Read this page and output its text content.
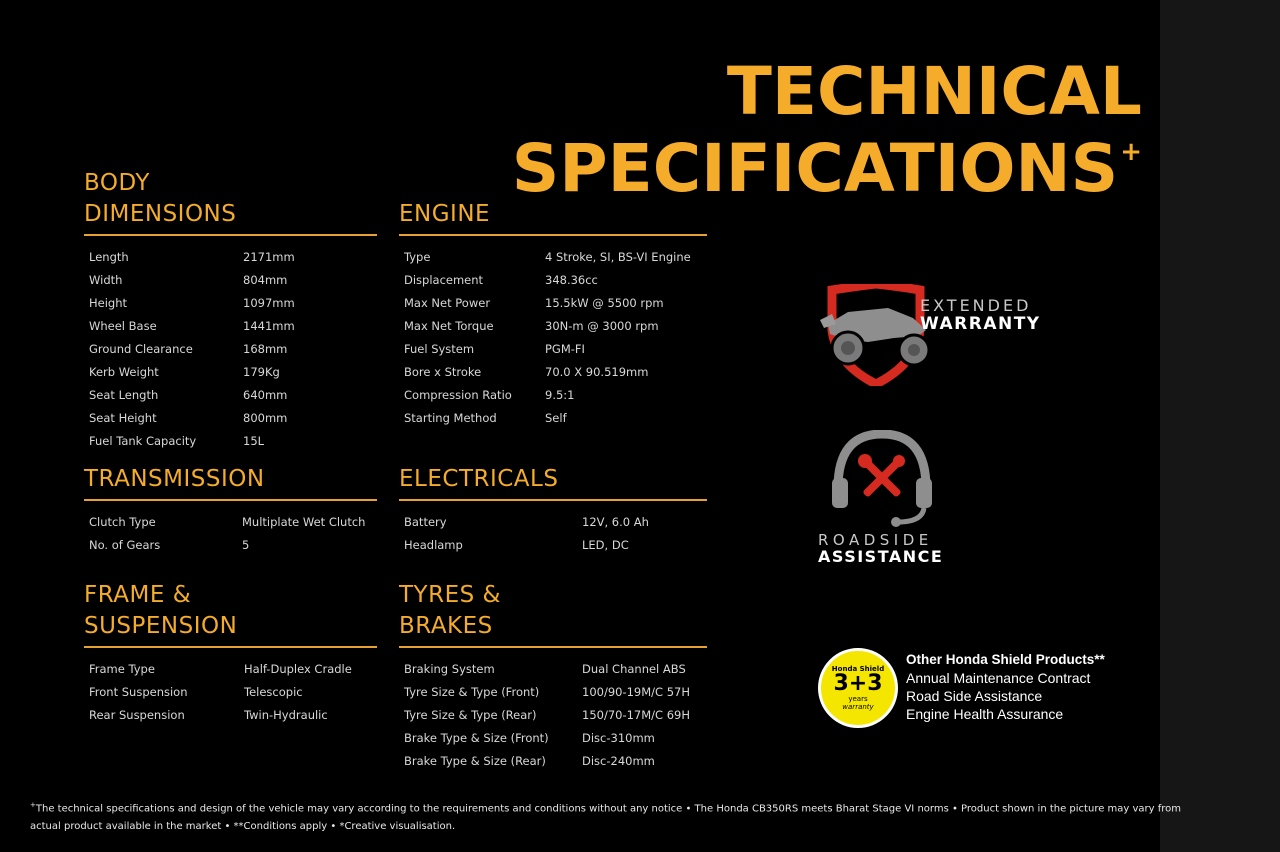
TECHNICAL
SPECIFICATIONS+
BODY
DIMENSIONS
Length	2171mm
Width	804mm
Height	1097mm
Wheel Base	1441mm
Ground Clearance	168mm
Kerb Weight	179Kg
Seat Length	640mm
Seat Height	800mm
Fuel Tank Capacity	15L
ENGINE
Type	4 Stroke, SI, BS-VI Engine
Displacement	348.36cc
Max Net Power	15.5kW @ 5500 rpm
Max Net Torque	30N-m @ 3000 rpm
Fuel System	PGM-FI
Bore x Stroke	70.0 X 90.519mm
Compression Ratio	9.5:1
Starting Method	Self
TRANSMISSION
Clutch Type	Multiplate Wet Clutch
No. of Gears	5
ELECTRICALS
Battery	12V, 6.0 Ah
Headlamp	LED, DC
FRAME &
SUSPENSION
Frame Type	Half-Duplex Cradle
Front Suspension	Telescopic
Rear Suspension	Twin-Hydraulic
TYRES &
BRAKES
Braking System	Dual Channel ABS
Tyre Size & Type (Front)	100/90-19M/C 57H
Tyre Size & Type (Rear)	150/70-17M/C 69H
Brake Type & Size (Front)	Disc-310mm
Brake Type & Size (Rear)	Disc-240mm
EXTENDED
WARRANTY
ROADSIDE
ASSISTANCE
Honda Shield
3+3
years
warranty
Other Honda Shield Products**
Annual Maintenance Contract
Road Side Assistance
Engine Health Assurance
+The technical specifications and design of the vehicle may vary according to the requirements and conditions without any notice • The Honda CB350RS meets Bharat Stage VI norms • Product shown in the picture may vary from
actual product available in the market • **Conditions apply • *Creative visualisation.
